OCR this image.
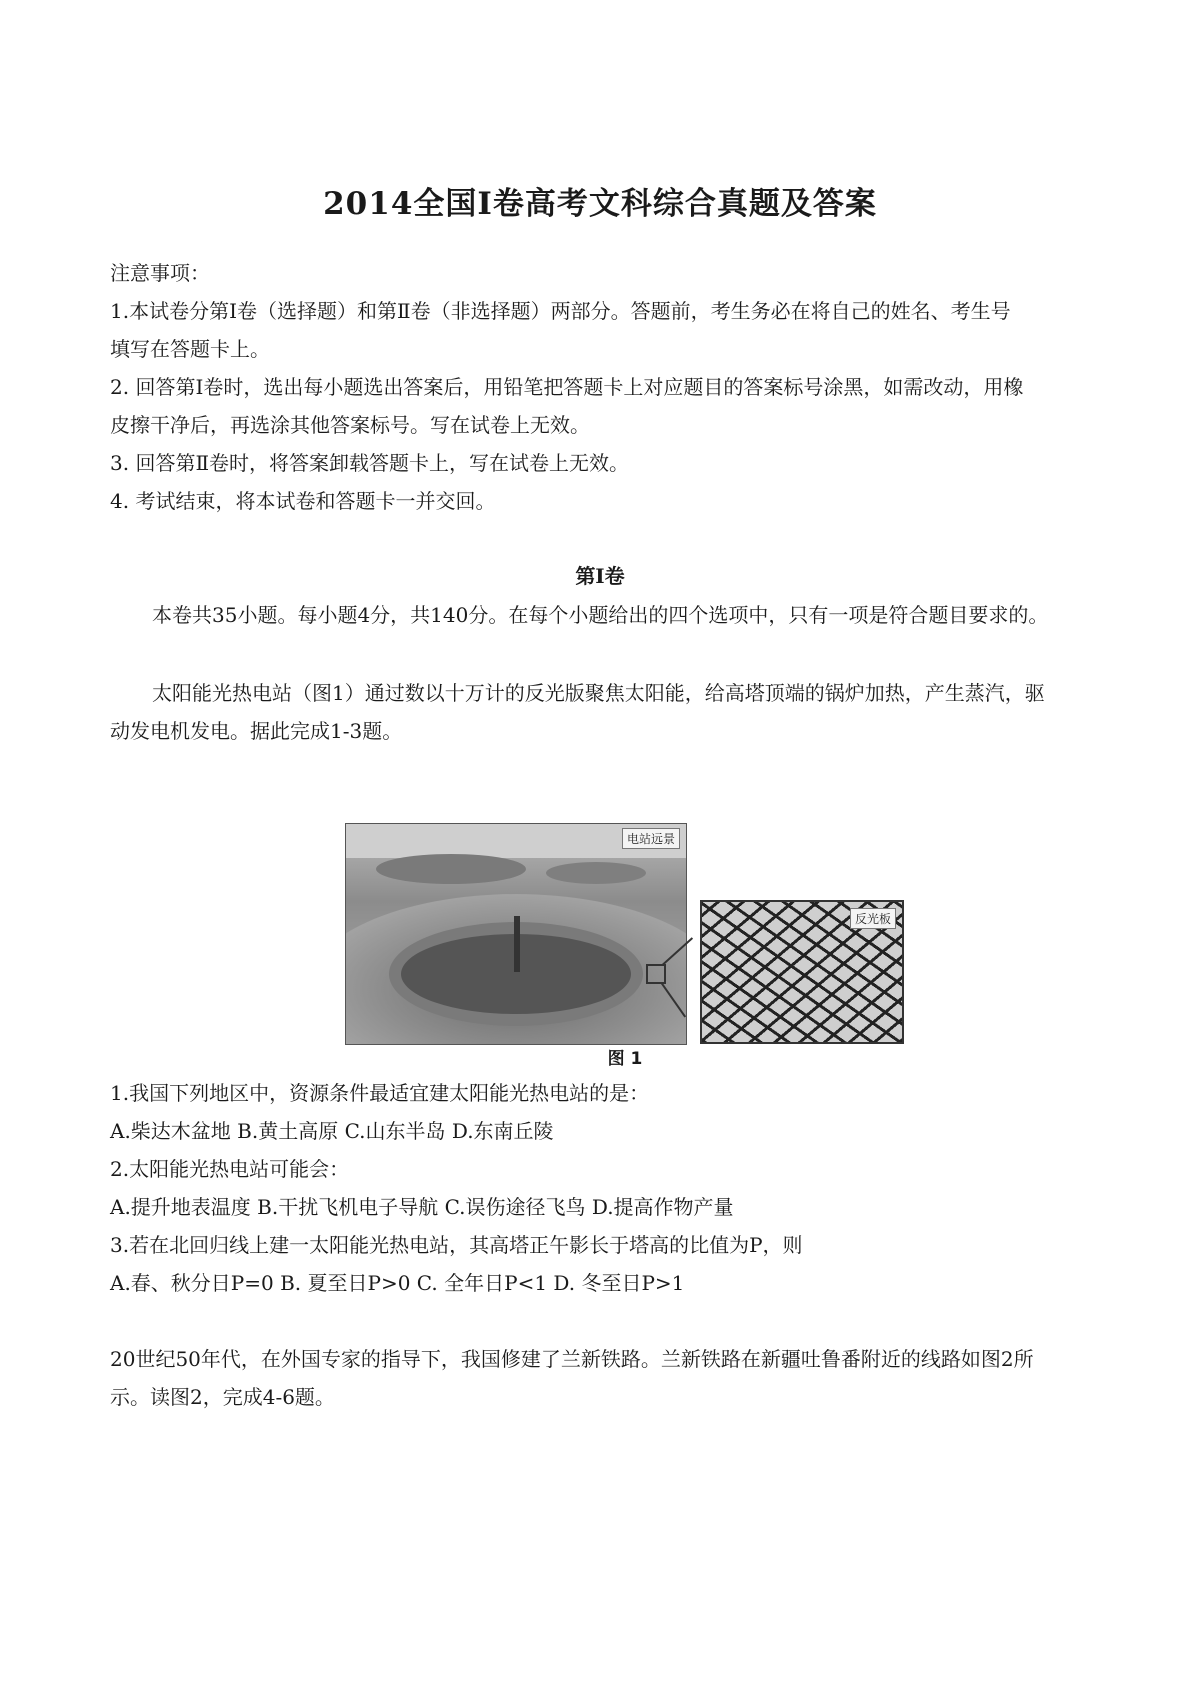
2014全国Ⅰ卷高考文科综合真题及答案
注意事项：
1.本试卷分第Ⅰ卷（选择题）和第Ⅱ卷（非选择题）两部分。答题前，考生务必在将自己的姓名、考生号
填写在答题卡上。
2. 回答第Ⅰ卷时，选出每小题选出答案后，用铅笔把答题卡上对应题目的答案标号涂黑，如需改动，用橡
皮擦干净后，再选涂其他答案标号。写在试卷上无效。
3. 回答第Ⅱ卷时，将答案卸载答题卡上，写在试卷上无效。
4. 考试结束，将本试卷和答题卡一并交回。
第Ⅰ卷
本卷共35小题。每小题4分，共140分。在每个小题给出的四个选项中，只有一项是符合题目要求的。
太阳能光热电站（图1）通过数以十万计的反光版聚焦太阳能，给高塔顶端的锅炉加热，产生蒸汽，驱
动发电机发电。据此完成1-3题。
电站远景
反光板
图 1
1.我国下列地区中，资源条件最适宜建太阳能光热电站的是：
A.柴达木盆地 B.黄土高原 C.山东半岛 D.东南丘陵
2.太阳能光热电站可能会：
A.提升地表温度 B.干扰飞机电子导航 C.误伤途径飞鸟 D.提高作物产量
3.若在北回归线上建一太阳能光热电站，其高塔正午影长于塔高的比值为P，则
A.春、秋分日P=0 B. 夏至日P>0 C. 全年日P<1 D. 冬至日P>1
20世纪50年代，在外国专家的指导下，我国修建了兰新铁路。兰新铁路在新疆吐鲁番附近的线路如图2所
示。读图2，完成4-6题。
